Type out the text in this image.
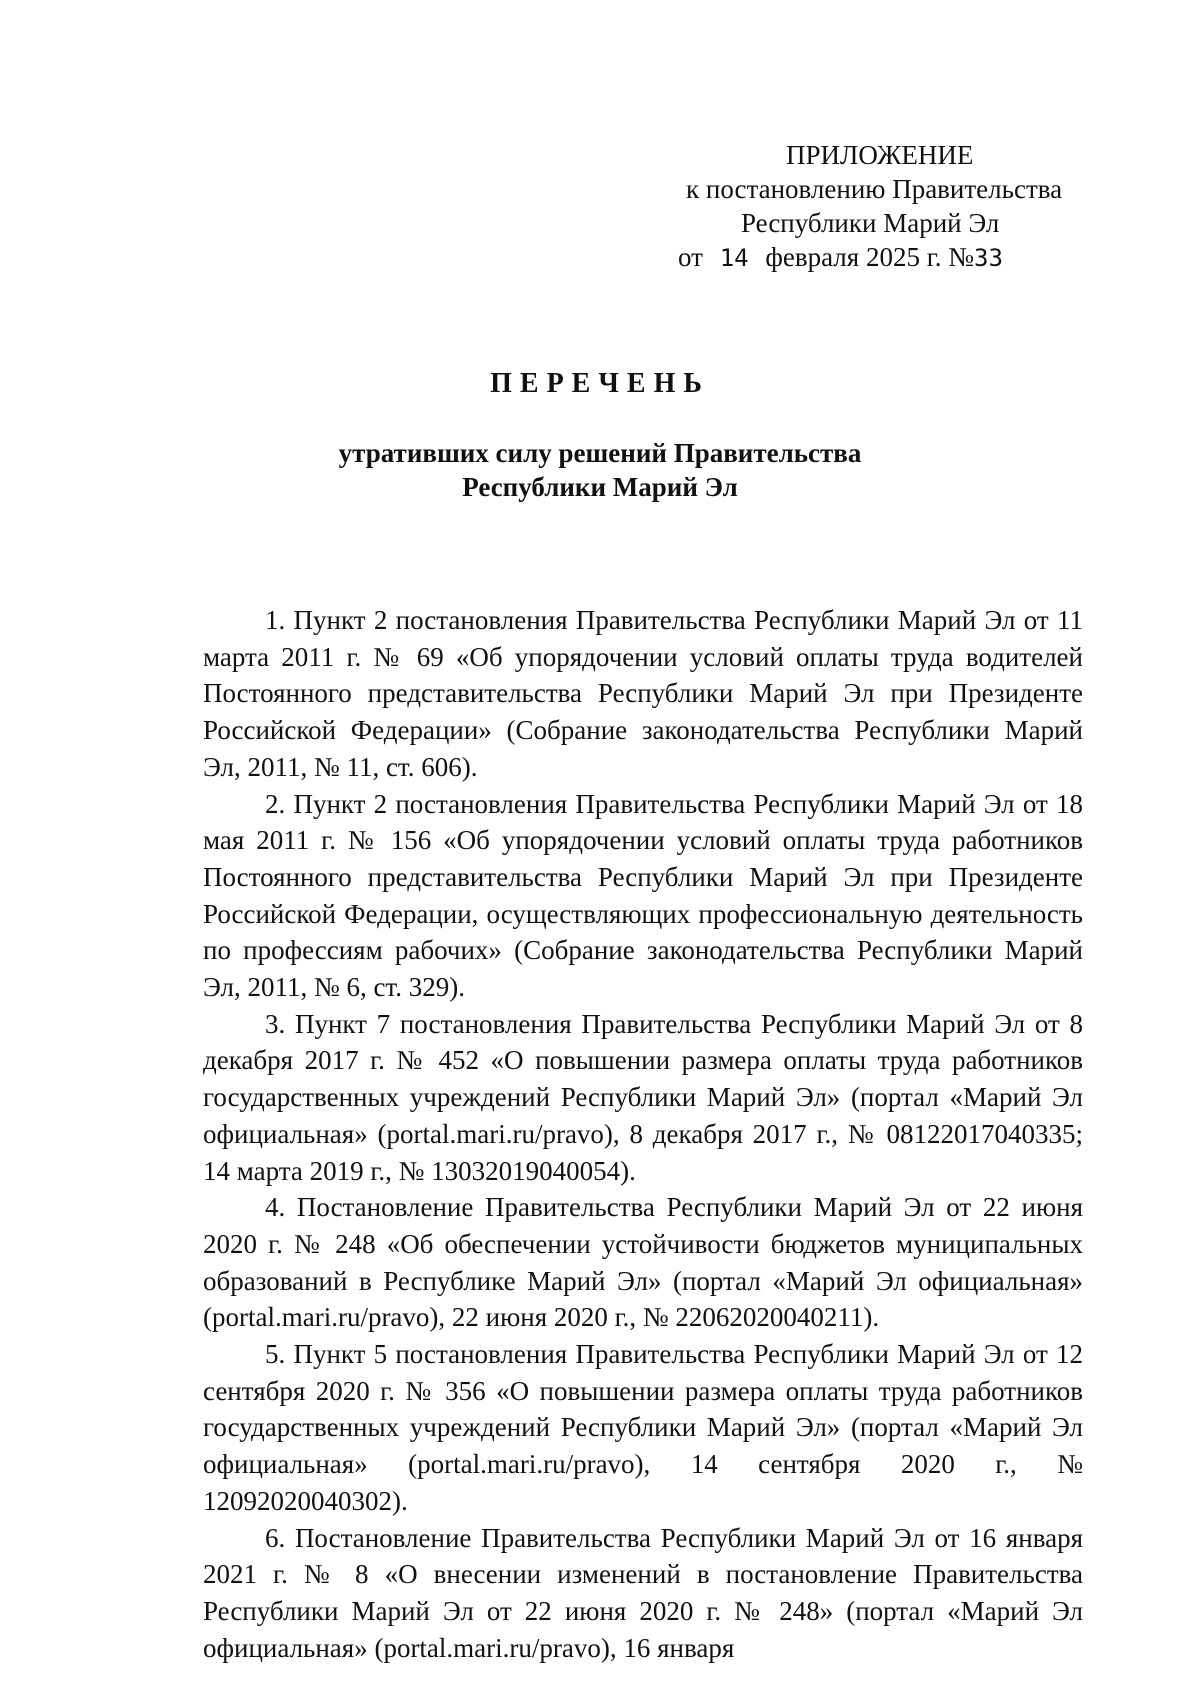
ПРИЛОЖЕНИЕ
к постановлению Правительства
Республики Марий Эл
от 14 февраля 2025 г. №33
ПЕРЕЧЕНЬ
утративших силу решений Правительства
Республики Марий Эл

1. Пункт 2 постановления Правительства Республики Марий Эл от 11 марта 2011 г. № 69 «Об упорядочении условий оплаты труда водителей Постоянного представительства Республики Марий Эл при Президенте Российской Федерации» (Собрание законодательства Республики Марий Эл, 2011, № 11, ст. 606).

2. Пункт 2 постановления Правительства Республики Марий Эл от 18 мая 2011 г. № 156 «Об упорядочении условий оплаты труда работников Постоянного представительства Республики Марий Эл при Президенте Российской Федерации, осуществляющих профессиональную деятельность по профессиям рабочих» (Собрание законодательства Республики Марий Эл, 2011, № 6, ст. 329).

3. Пункт 7 постановления Правительства Республики Марий Эл от 8 декабря 2017 г. № 452 «О повышении размера оплаты труда работников государственных учреждений Республики Марий Эл» (портал «Марий Эл официальная» (portal.mari.ru/pravo), 8 декабря 2017 г., № 08122017040335; 14 марта 2019 г., № 13032019040054).

4. Постановление Правительства Республики Марий Эл от 22 июня 2020 г. № 248 «Об обеспечении устойчивости бюджетов муниципальных образований в Республике Марий Эл» (портал «Марий Эл официальная» (portal.mari.ru/pravo), 22 июня 2020 г., № 22062020040211).

5. Пункт 5 постановления Правительства Республики Марий Эл от 12 сентября 2020 г. № 356 «О повышении размера оплаты труда работников государственных учреждений Республики Марий Эл» (портал «Марий Эл официальная» (portal.mari.ru/pravo), 14 сентября 2020 г., № 12092020040302).

6. Постановление Правительства Республики Марий Эл от 16 января 2021 г. № 8 «О внесении изменений в постановление Правительства Республики Марий Эл от 22 июня 2020 г. № 248» (портал «Марий Эл официальная» (portal.mari.ru/pravo), 16 января
